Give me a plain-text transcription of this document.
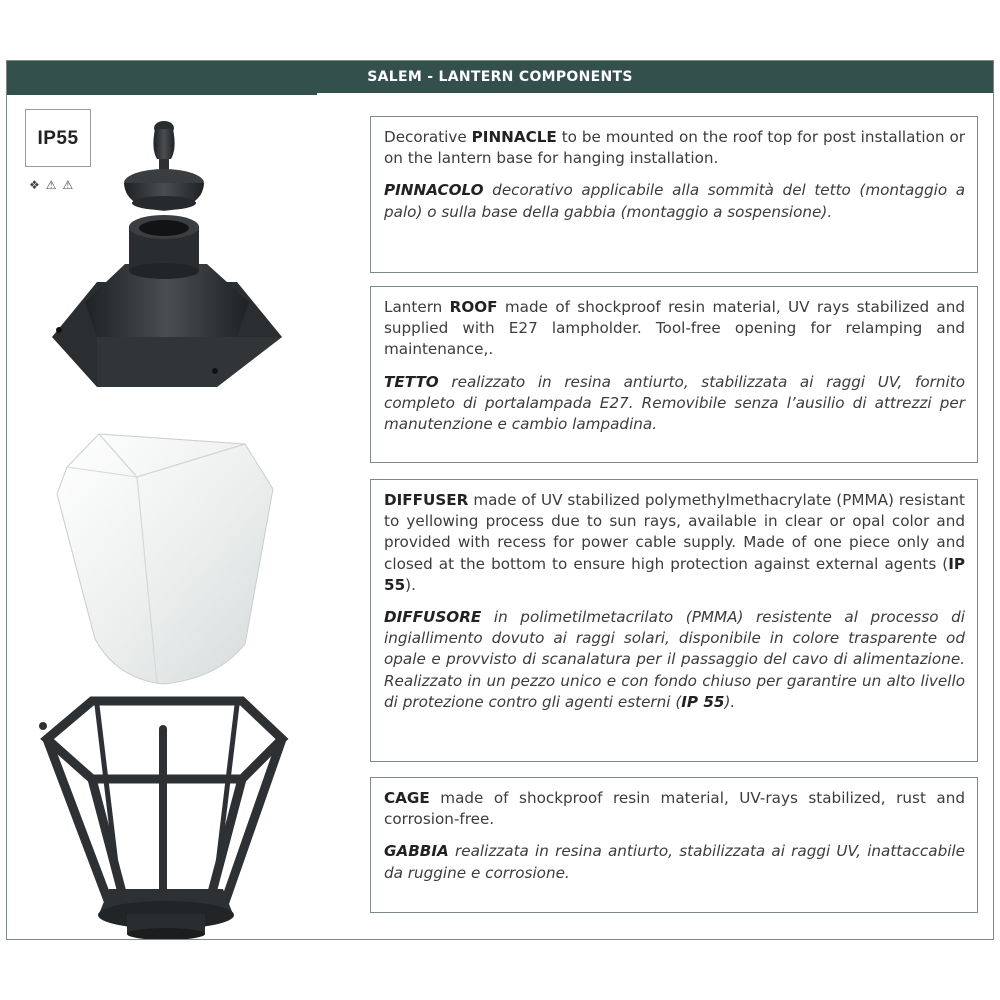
SALEM - LANTERN COMPONENTS
IP55
❖ ⚠ ⚠

Decorative PINNACLE to be mounted on the roof top for post installation or on the lantern base for hanging installation.

PINNACOLO decorativo applicabile alla sommità del tetto (montaggio a palo) o sulla base della gabbia (montaggio a sospensione).

Lantern ROOF made of shockproof resin material, UV rays stabilized and supplied with E27 lampholder. Tool-free opening for relamping and maintenance,.

TETTO realizzato in resina antiurto, stabilizzata ai raggi UV, fornito completo di portalampada E27. Removibile senza l’ausilio di attrezzi per manutenzione e cambio lampadina.

DIFFUSER made of UV stabilized polymethylmethacrylate (PMMA) resistant to yellowing process due to sun rays, available in clear or opal color and provided with recess for power cable supply. Made of one piece only and closed at the bottom to ensure high protection against external agents (IP 55).

DIFFUSORE in polimetilmetacrilato (PMMA) resistente al processo di ingiallimento dovuto ai raggi solari, disponibile in colore trasparente od opale e provvisto di scanalatura per il passaggio del cavo di alimentazione. Realizzato in un pezzo unico e con fondo chiuso per garantire un alto livello di protezione contro gli agenti esterni (IP 55).

CAGE made of shockproof resin material, UV-rays stabilized, rust and corrosion-free.

GABBIA realizzata in resina antiurto, stabilizzata ai raggi UV, inattaccabile da ruggine e corrosione.
